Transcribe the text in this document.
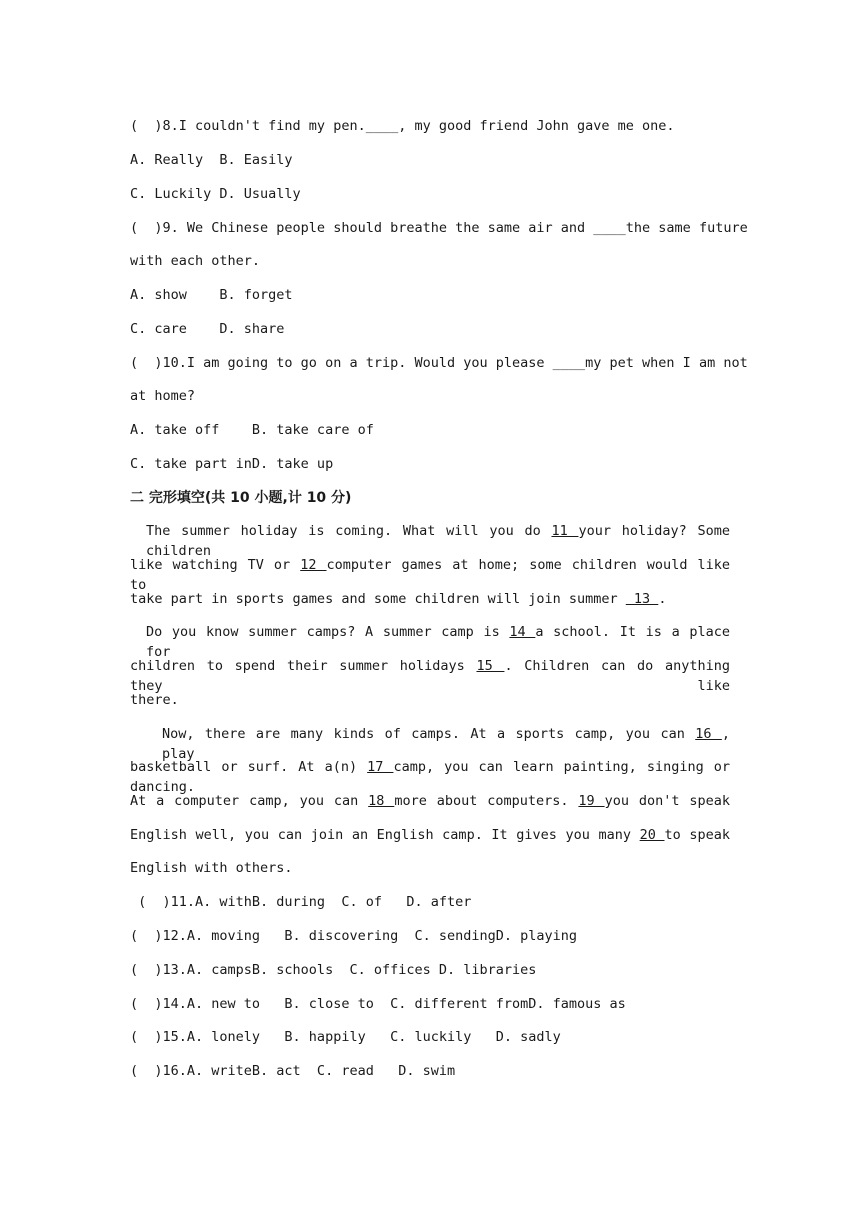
(  )8.I couldn't find my pen.____, my good friend John gave me one.
A. Really  B. Easily
C. Luckily D. Usually
(  )9. We Chinese people should breathe the same air and ____the same future
with each other.
A. show    B. forget
C. care    D. share
(  )10.I am going to go on a trip. Would you please ____my pet when I am not
at home?
A. take off    B. take care of
C. take part inD. take up
二 完形填空(共 10 小题,计 10 分)
The summer holiday is coming. What will you do 11 your holiday? Some children
like watching TV or 12 computer games at home; some children would like to
take part in sports games and some children will join summer  13 .
Do you know summer camps? A summer camp is 14 a school. It is a place for
children to spend their summer holidays 15 . Children can do anything they like
there.
Now, there are many kinds of camps. At a sports camp, you can 16 , play
basketball or surf. At a(n) 17 camp, you can learn painting, singing or dancing.
At a computer camp, you can 18 more about computers. 19 you don't speak
English well, you can join an English camp. It gives you many 20 to speak
English with others.
(  )11.A. withB. during  C. of   D. after
(  )12.A. moving   B. discovering  C. sendingD. playing
(  )13.A. campsB. schools  C. offices D. libraries
(  )14.A. new to   B. close to  C. different fromD. famous as
(  )15.A. lonely   B. happily   C. luckily   D. sadly
(  )16.A. writeB. act  C. read   D. swim
